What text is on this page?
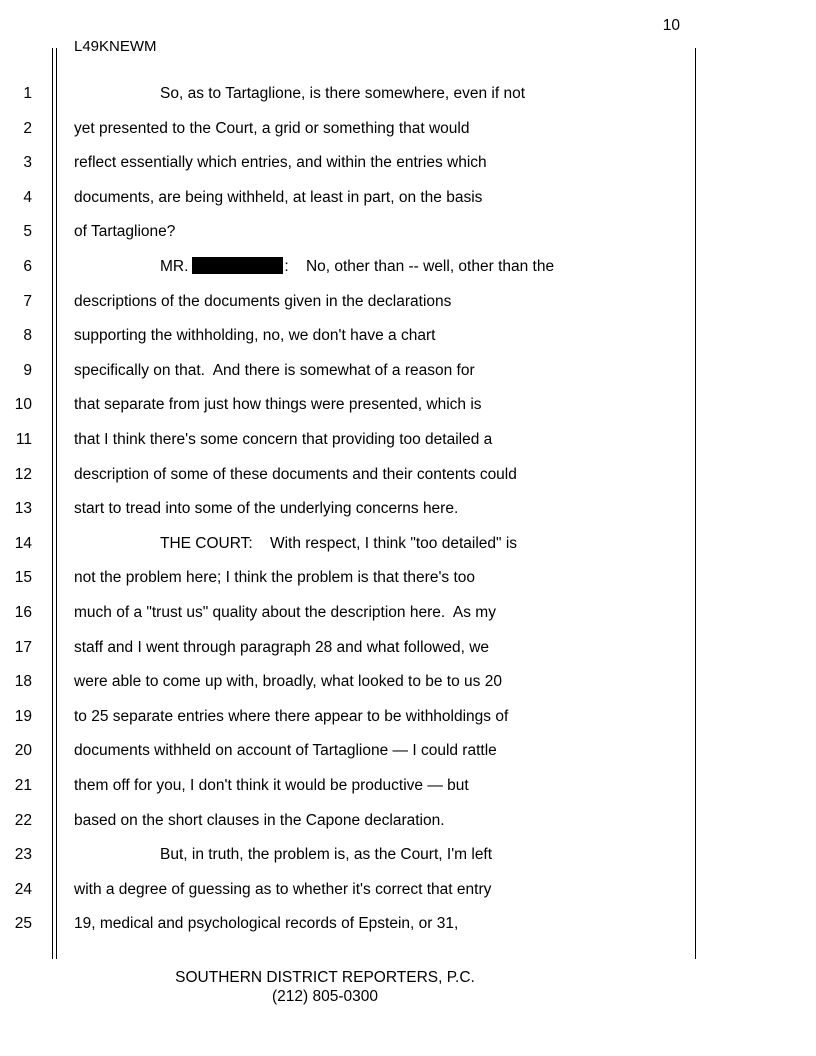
10
L49KNEWM
1	So, as to Tartaglione, is there somewhere, even if not
2	yet presented to the Court, a grid or something that would
3	reflect essentially which entries, and within the entries which
4	documents, are being withheld, at least in part, on the basis
5	of Tartaglione?
6	MR.	:    No, other than -- well, other than the
7	descriptions of the documents given in the declarations
8	supporting the withholding, no, we don't have a chart
9	specifically on that.  And there is somewhat of a reason for
10	that separate from just how things were presented, which is
11	that I think there's some concern that providing too detailed a
12	description of some of these documents and their contents could
13	start to tread into some of the underlying concerns here.
14	THE COURT:    With respect, I think "too detailed" is
15	not the problem here; I think the problem is that there's too
16	much of a "trust us" quality about the description here.  As my
17	staff and I went through paragraph 28 and what followed, we
18	were able to come up with, broadly, what looked to be to us 20
19	to 25 separate entries where there appear to be withholdings of
20	documents withheld on account of Tartaglione — I could rattle
21	them off for you, I don't think it would be productive — but
22	based on the short clauses in the Capone declaration.
23	But, in truth, the problem is, as the Court, I'm left
24	with a degree of guessing as to whether it's correct that entry
25	19, medical and psychological records of Epstein, or 31,
SOUTHERN DISTRICT REPORTERS, P.C.
(212) 805-0300
